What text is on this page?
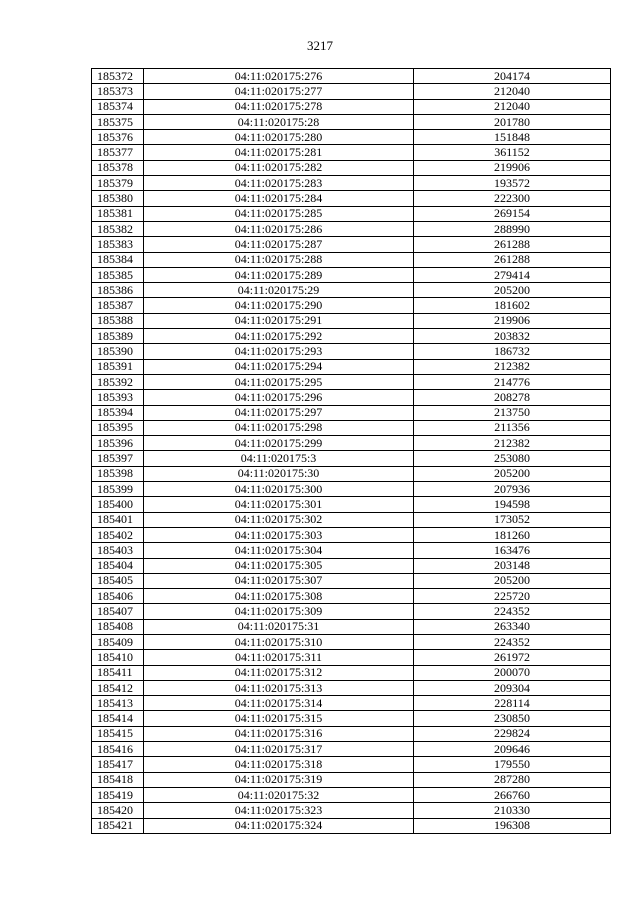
3217
185372	04:11:020175:276	204174
185373	04:11:020175:277	212040
185374	04:11:020175:278	212040
185375	04:11:020175:28	201780
185376	04:11:020175:280	151848
185377	04:11:020175:281	361152
185378	04:11:020175:282	219906
185379	04:11:020175:283	193572
185380	04:11:020175:284	222300
185381	04:11:020175:285	269154
185382	04:11:020175:286	288990
185383	04:11:020175:287	261288
185384	04:11:020175:288	261288
185385	04:11:020175:289	279414
185386	04:11:020175:29	205200
185387	04:11:020175:290	181602
185388	04:11:020175:291	219906
185389	04:11:020175:292	203832
185390	04:11:020175:293	186732
185391	04:11:020175:294	212382
185392	04:11:020175:295	214776
185393	04:11:020175:296	208278
185394	04:11:020175:297	213750
185395	04:11:020175:298	211356
185396	04:11:020175:299	212382
185397	04:11:020175:3	253080
185398	04:11:020175:30	205200
185399	04:11:020175:300	207936
185400	04:11:020175:301	194598
185401	04:11:020175:302	173052
185402	04:11:020175:303	181260
185403	04:11:020175:304	163476
185404	04:11:020175:305	203148
185405	04:11:020175:307	205200
185406	04:11:020175:308	225720
185407	04:11:020175:309	224352
185408	04:11:020175:31	263340
185409	04:11:020175:310	224352
185410	04:11:020175:311	261972
185411	04:11:020175:312	200070
185412	04:11:020175:313	209304
185413	04:11:020175:314	228114
185414	04:11:020175:315	230850
185415	04:11:020175:316	229824
185416	04:11:020175:317	209646
185417	04:11:020175:318	179550
185418	04:11:020175:319	287280
185419	04:11:020175:32	266760
185420	04:11:020175:323	210330
185421	04:11:020175:324	196308
